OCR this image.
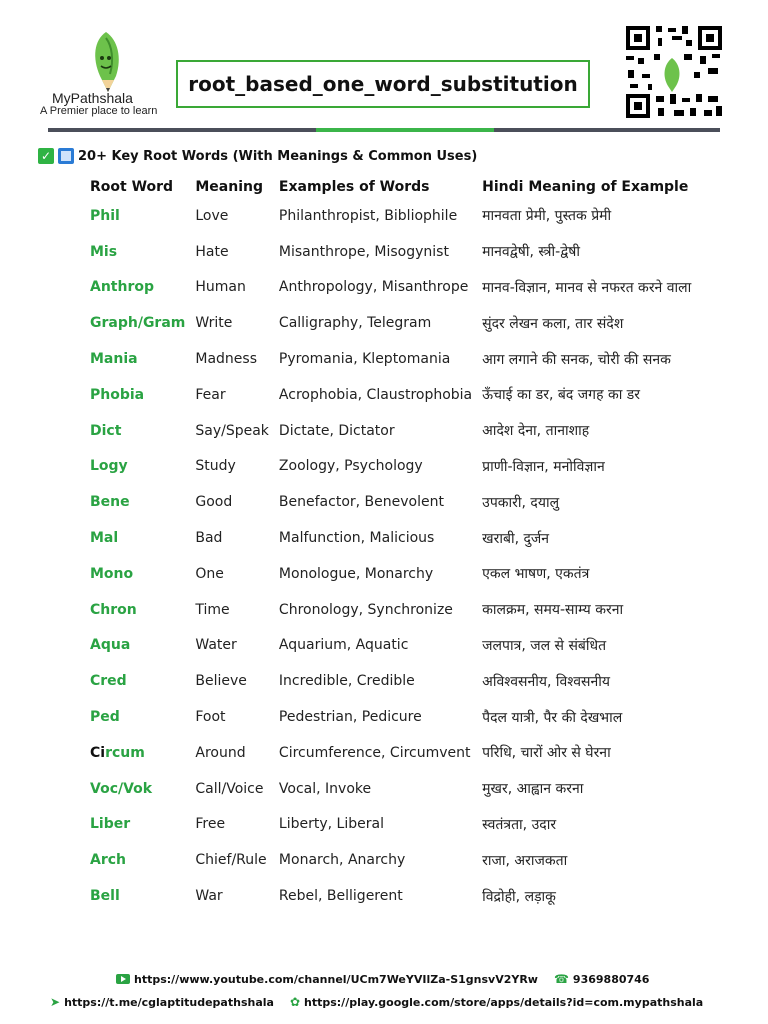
MyPathshala
A Premier place to learn
root_based_one_word_substitution
✓ 20+ Key Root Words (With Meanings & Common Uses)
Root Word	Meaning	Examples of Words	Hindi Meaning of Example
Phil	Love	Philanthropist, Bibliophile	मानवता प्रेमी, पुस्तक प्रेमी
Mis	Hate	Misanthrope, Misogynist	मानवद्वेषी, स्त्री-द्वेषी
Anthrop	Human	Anthropology, Misanthrope	मानव-विज्ञान, मानव से नफरत करने वाला
Graph/Gram	Write	Calligraphy, Telegram	सुंदर लेखन कला, तार संदेश
Mania	Madness	Pyromania, Kleptomania	आग लगाने की सनक, चोरी की सनक
Phobia	Fear	Acrophobia, Claustrophobia	ऊँचाई का डर, बंद जगह का डर
Dict	Say/Speak	Dictate, Dictator	आदेश देना, तानाशाह
Logy	Study	Zoology, Psychology	प्राणी-विज्ञान, मनोविज्ञान
Bene	Good	Benefactor, Benevolent	उपकारी, दयालु
Mal	Bad	Malfunction, Malicious	खराबी, दुर्जन
Mono	One	Monologue, Monarchy	एकल भाषण, एकतंत्र
Chron	Time	Chronology, Synchronize	कालक्रम, समय-साम्य करना
Aqua	Water	Aquarium, Aquatic	जलपात्र, जल से संबंधित
Cred	Believe	Incredible, Credible	अविश्वसनीय, विश्वसनीय
Ped	Foot	Pedestrian, Pedicure	पैदल यात्री, पैर की देखभाल
Circum	Around	Circumference, Circumvent	परिधि, चारों ओर से घेरना
Voc/Vok	Call/Voice	Vocal, Invoke	मुखर, आह्वान करना
Liber	Free	Liberty, Liberal	स्वतंत्रता, उदार
Arch	Chief/Rule	Monarch, Anarchy	राजा, अराजकता
Bell	War	Rebel, Belligerent	विद्रोही, लड़ाकू
https://www.youtube.com/channel/UCm7WeYVIlZa-S1gnsvV2YRw ☎ 9369880746
➤ https://t.me/cglaptitudepathshala ✿ https://play.google.com/store/apps/details?id=com.mypathshala
